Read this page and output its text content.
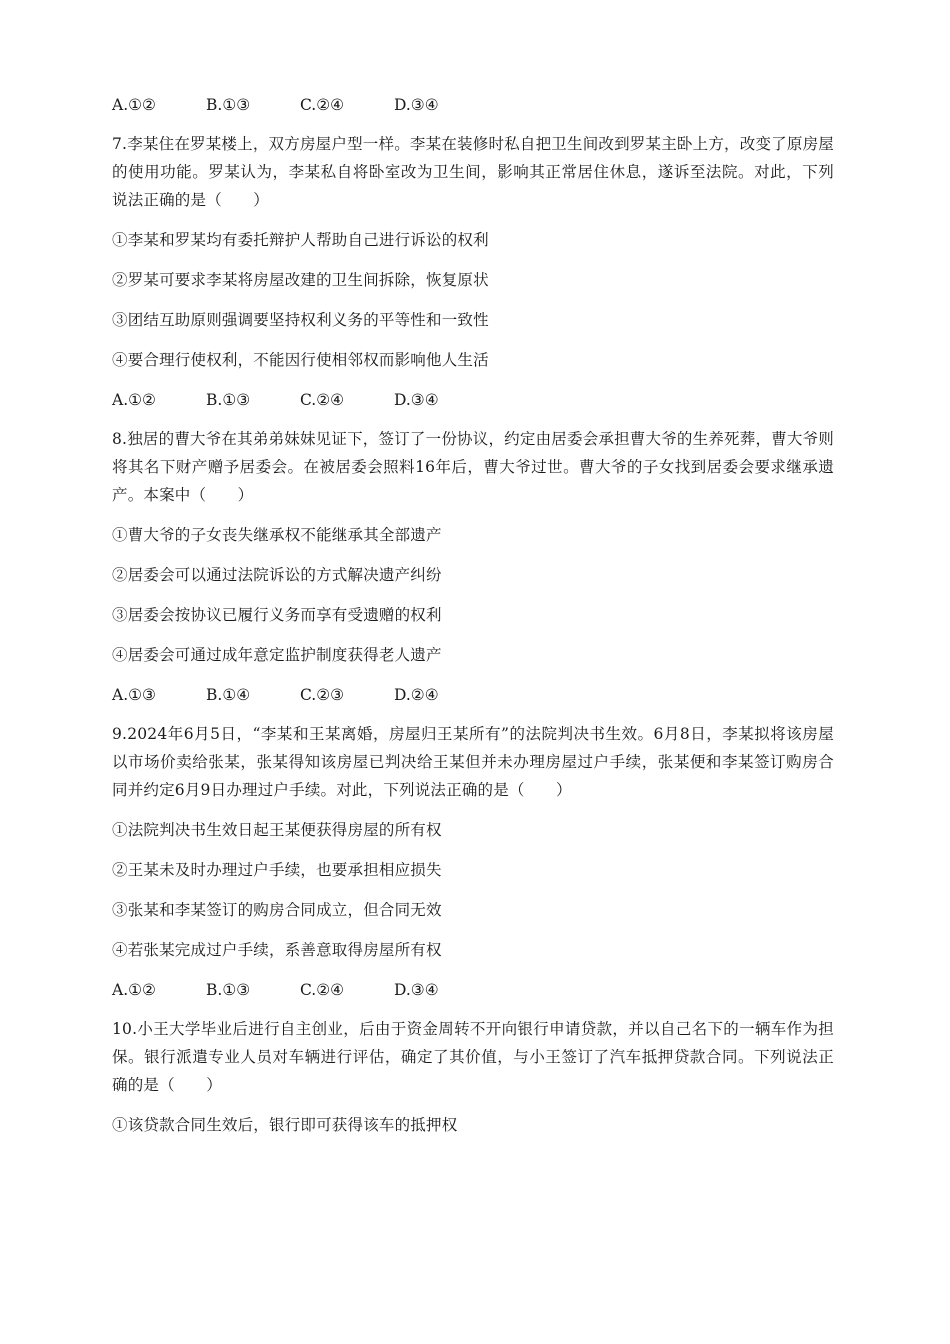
A.①②	B.①③	C.②④	D.③④
7.李某住在罗某楼上，双方房屋户型一样。李某在装修时私自把卫生间改到罗某主卧上方，改变了原房屋的使用功能。罗某认为，李某私自将卧室改为卫生间，影响其正常居住休息，遂诉至法院。对此，下列说法正确的是（　　）
①李某和罗某均有委托辩护人帮助自己进行诉讼的权利
②罗某可要求李某将房屋改建的卫生间拆除，恢复原状
③团结互助原则强调要坚持权利义务的平等性和一致性
④要合理行使权利，不能因行使相邻权而影响他人生活
A.①②	B.①③	C.②④	D.③④
8.独居的曹大爷在其弟弟妹妹见证下，签订了一份协议，约定由居委会承担曹大爷的生养死葬，曹大爷则将其名下财产赠予居委会。在被居委会照料16年后，曹大爷过世。曹大爷的子女找到居委会要求继承遗产。本案中（　　）
①曹大爷的子女丧失继承权不能继承其全部遗产
②居委会可以通过法院诉讼的方式解决遗产纠纷
③居委会按协议已履行义务而享有受遗赠的权利
④居委会可通过成年意定监护制度获得老人遗产
A.①③	B.①④	C.②③	D.②④
9.2024年6月5日，“李某和王某离婚，房屋归王某所有”的法院判决书生效。6月8日，李某拟将该房屋以市场价卖给张某，张某得知该房屋已判决给王某但并未办理房屋过户手续，张某便和李某签订购房合同并约定6月9日办理过户手续。对此，下列说法正确的是（　　）
①法院判决书生效日起王某便获得房屋的所有权
②王某未及时办理过户手续，也要承担相应损失
③张某和李某签订的购房合同成立，但合同无效
④若张某完成过户手续，系善意取得房屋所有权
A.①②	B.①③	C.②④	D.③④
10.小王大学毕业后进行自主创业，后由于资金周转不开向银行申请贷款，并以自己名下的一辆车作为担保。银行派遣专业人员对车辆进行评估，确定了其价值，与小王签订了汽车抵押贷款合同。下列说法正确的是（　　）
①该贷款合同生效后，银行即可获得该车的抵押权
